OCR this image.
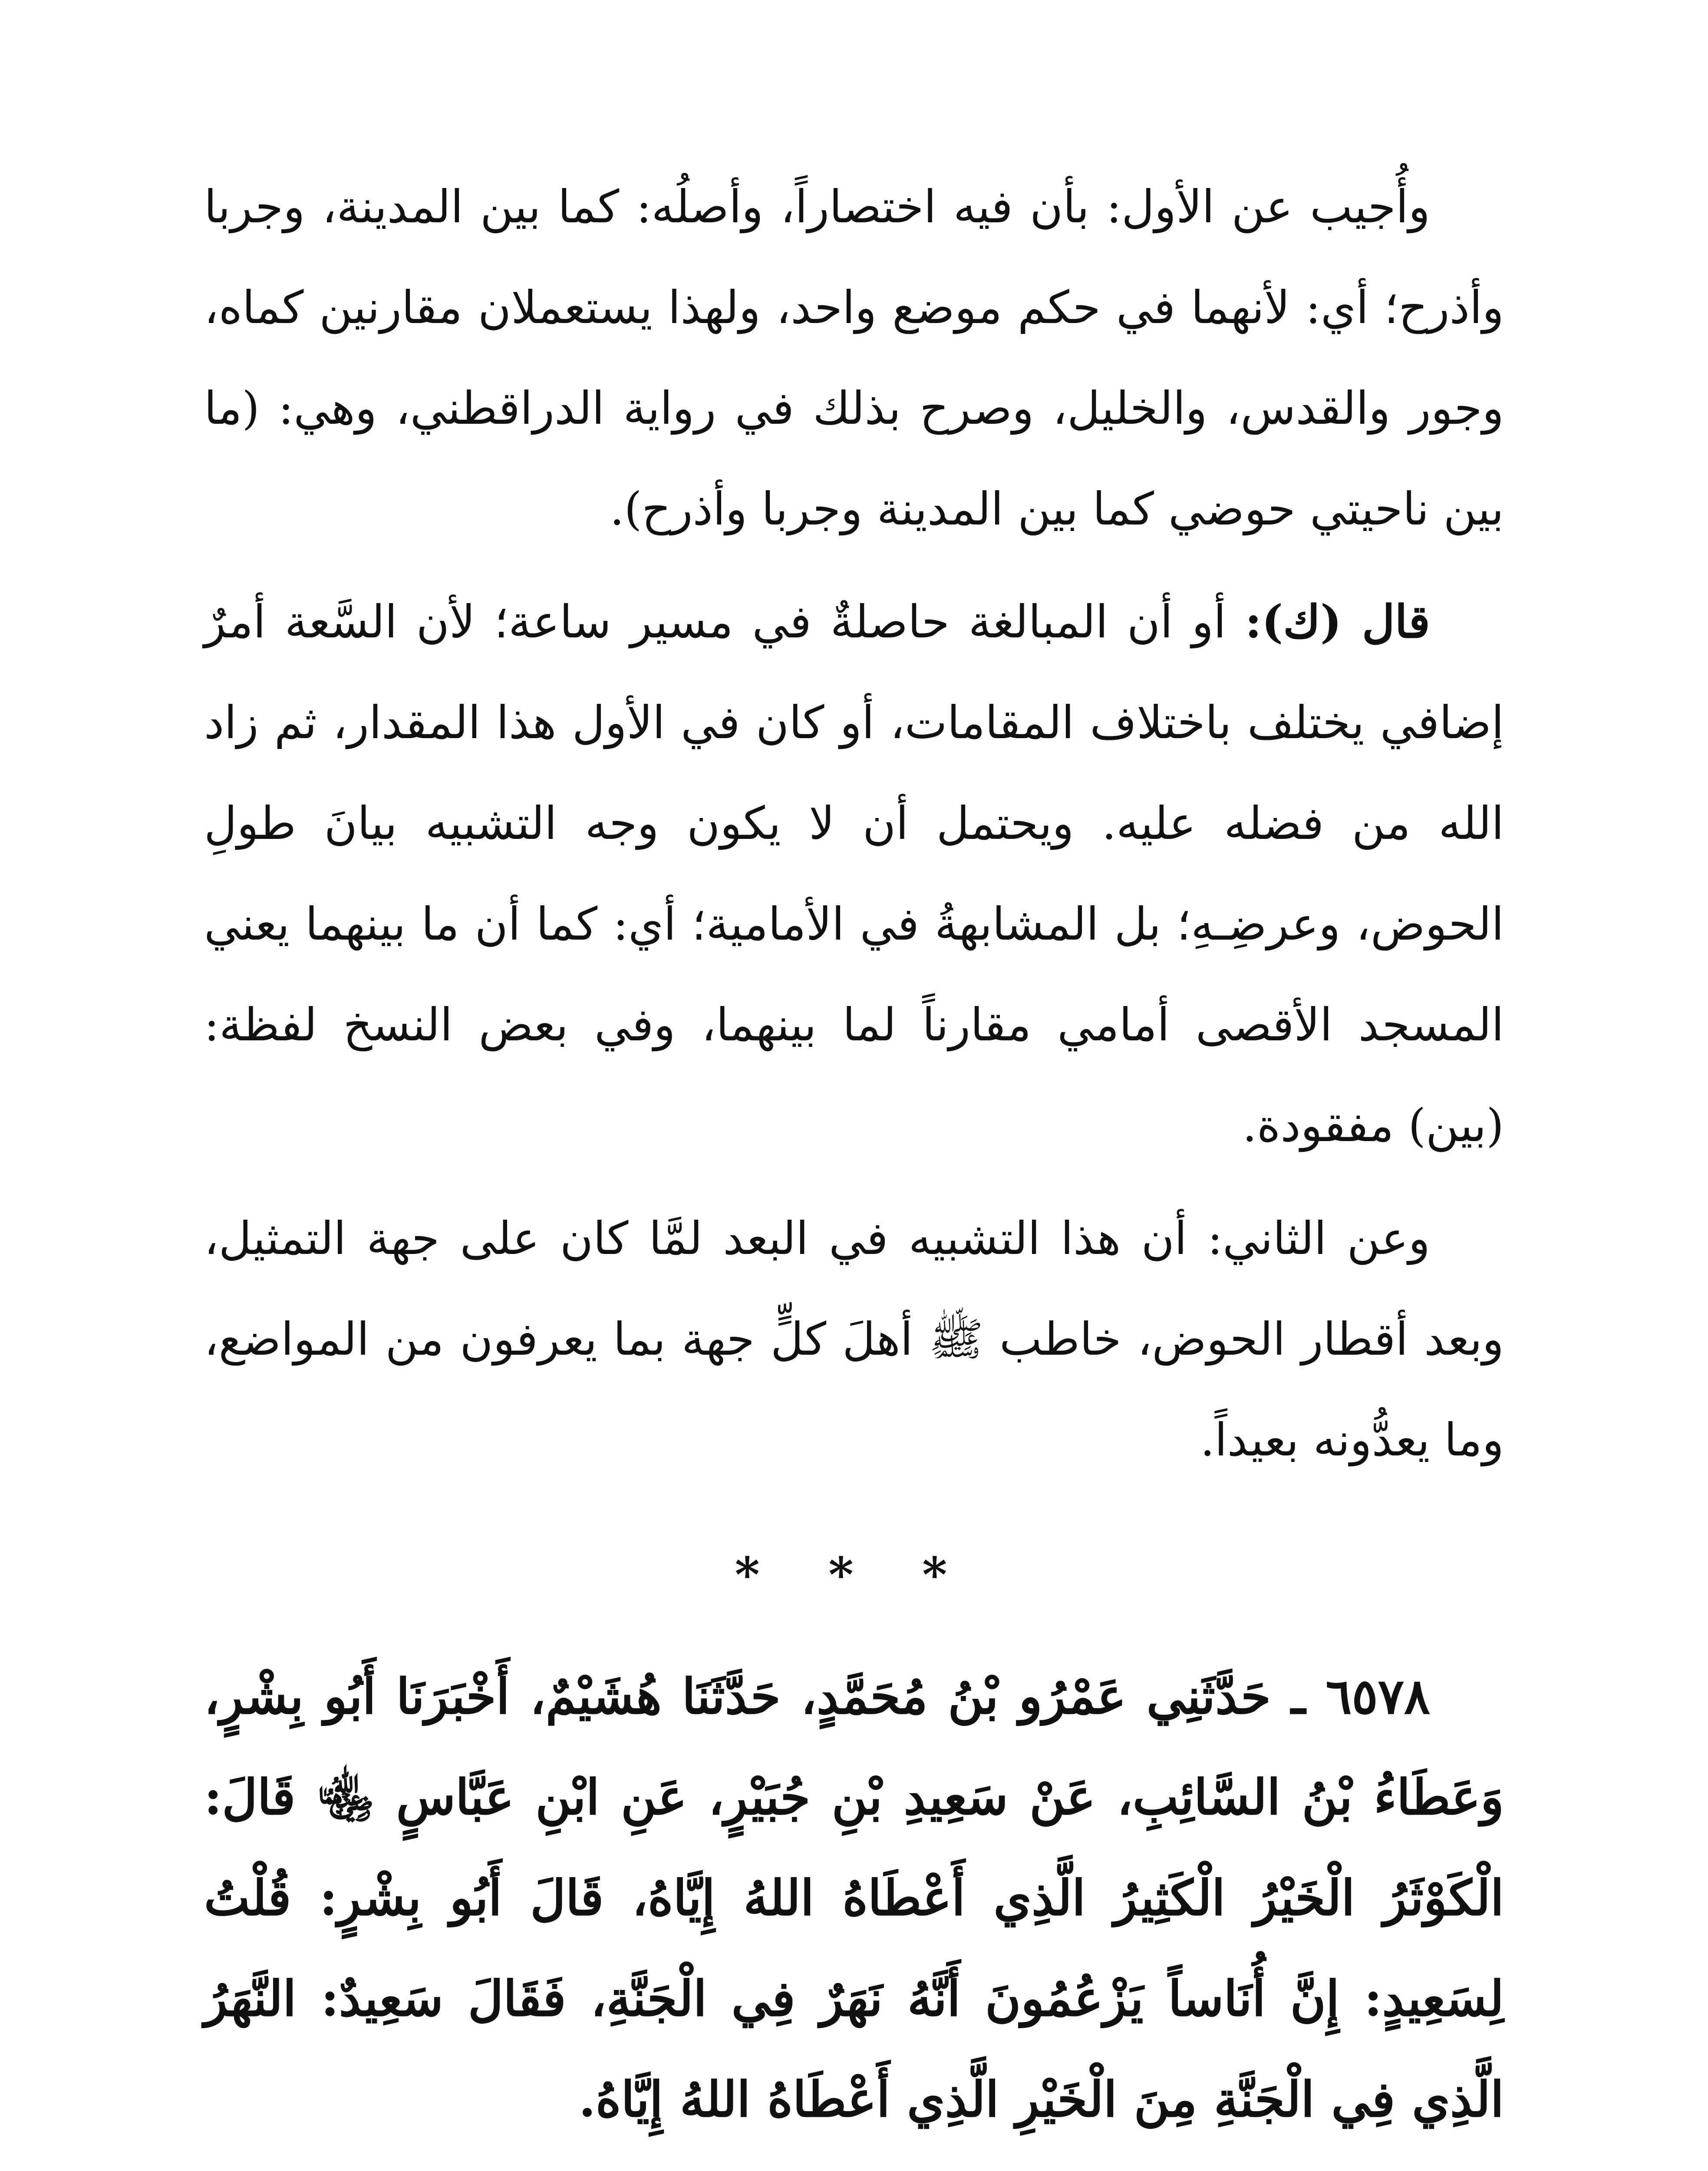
وأُجيب عن الأول: بأن فيه اختصاراً، وأصلُه: كما بين المدينة، وجربا وأذرح؛ أي: لأنهما في حكم موضع واحد، ولهذا يستعملان مقارنين كماه، وجور والقدس، والخليل، وصرح بذلك في رواية الدراقطني، وهي: (ما بين ناحيتي حوضي كما بين المدينة وجربا وأذرح).

قال (ك): أو أن المبالغة حاصلةٌ في مسير ساعة؛ لأن السَّعة أمرٌ إضافي يختلف باختلاف المقامات، أو كان في الأول هذا المقدار، ثم زاد الله من فضله عليه. ويحتمل أن لا يكون وجه التشبيه بيانَ طولِ الحوض، وعرضِـهِ؛ بل المشابهةُ في الأمامية؛ أي: كما أن ما بينهما يعني المسجد الأقصى أمامي مقارناً لما بينهما، وفي بعض النسخ لفظة: (بين) مفقودة.

وعن الثاني: أن هذا التشبيه في البعد لمَّا كان على جهة التمثيل، وبعد أقطار الحوض، خاطب ﷺ أهلَ كلٍّ جهة بما يعرفون من المواضع، وما يعدُّونه بعيداً.

* * *

٦٥٧٨ ـ حَدَّثَنِي عَمْرُو بْنُ مُحَمَّدٍ، حَدَّثَنَا هُشَيْمٌ، أَخْبَرَنَا أَبُو بِشْرٍ، وَعَطَاءُ بْنُ السَّائِبِ، عَنْ سَعِيدِ بْنِ جُبَيْرٍ، عَنِ ابْنِ عَبَّاسٍ ﵄ قَالَ: الْكَوْثَرُ الْخَيْرُ الْكَثِيرُ الَّذِي أَعْطَاهُ اللهُ إِيَّاهُ، قَالَ أَبُو بِشْرٍ: قُلْتُ لِسَعِيدٍ: إِنَّ أُنَاساً يَزْعُمُونَ أَنَّهُ نَهَرٌ فِي الْجَنَّةِ، فَقَالَ سَعِيدٌ: النَّهَرُ الَّذِي فِي الْجَنَّةِ مِنَ الْخَيْرِ الَّذِي أَعْطَاهُ اللهُ إِيَّاهُ.
